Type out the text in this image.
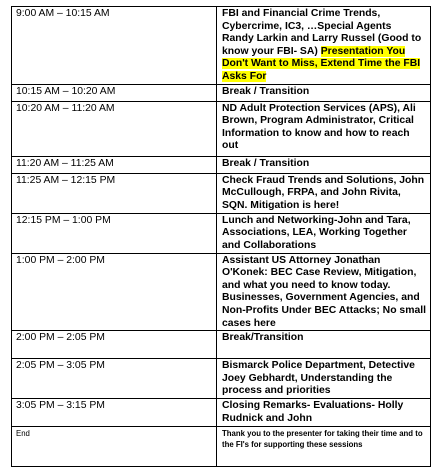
9:00 AM – 10:15 AM	FBI and Financial Crime Trends, Cybercrime, IC3, …Special Agents Randy Larkin and Larry Russel (Good to know your FBI- SA) Presentation You Don't Want to Miss, Extend Time the FBI Asks For
10:15 AM – 10:20 AM	Break / Transition
10:20 AM – 11:20 AM	ND Adult Protection Services (APS), Ali Brown, Program Administrator, Critical Information to know and how to reach out
11:20 AM – 11:25 AM	Break / Transition
11:25 AM – 12:15 PM	Check Fraud Trends and Solutions, John McCullough, FRPA, and John Rivita, SQN. Mitigation is here!
12:15 PM – 1:00 PM	Lunch and Networking-John and Tara, Associations, LEA, Working Together and Collaborations
1:00 PM – 2:00 PM	Assistant US Attorney Jonathan O'Konek: BEC Case Review, Mitigation, and what you need to know today. Businesses, Government Agencies, and Non-Profits Under BEC Attacks; No small cases here
2:00 PM – 2:05 PM	Break/Transition
2:05 PM – 3:05 PM	Bismarck Police Department, Detective Joey Gebhardt, Understanding the process and priorities
3:05 PM – 3:15 PM	Closing Remarks- Evaluations- Holly Rudnick and John
End	Thank you to the presenter for taking their time and to the FI's for supporting these sessions
